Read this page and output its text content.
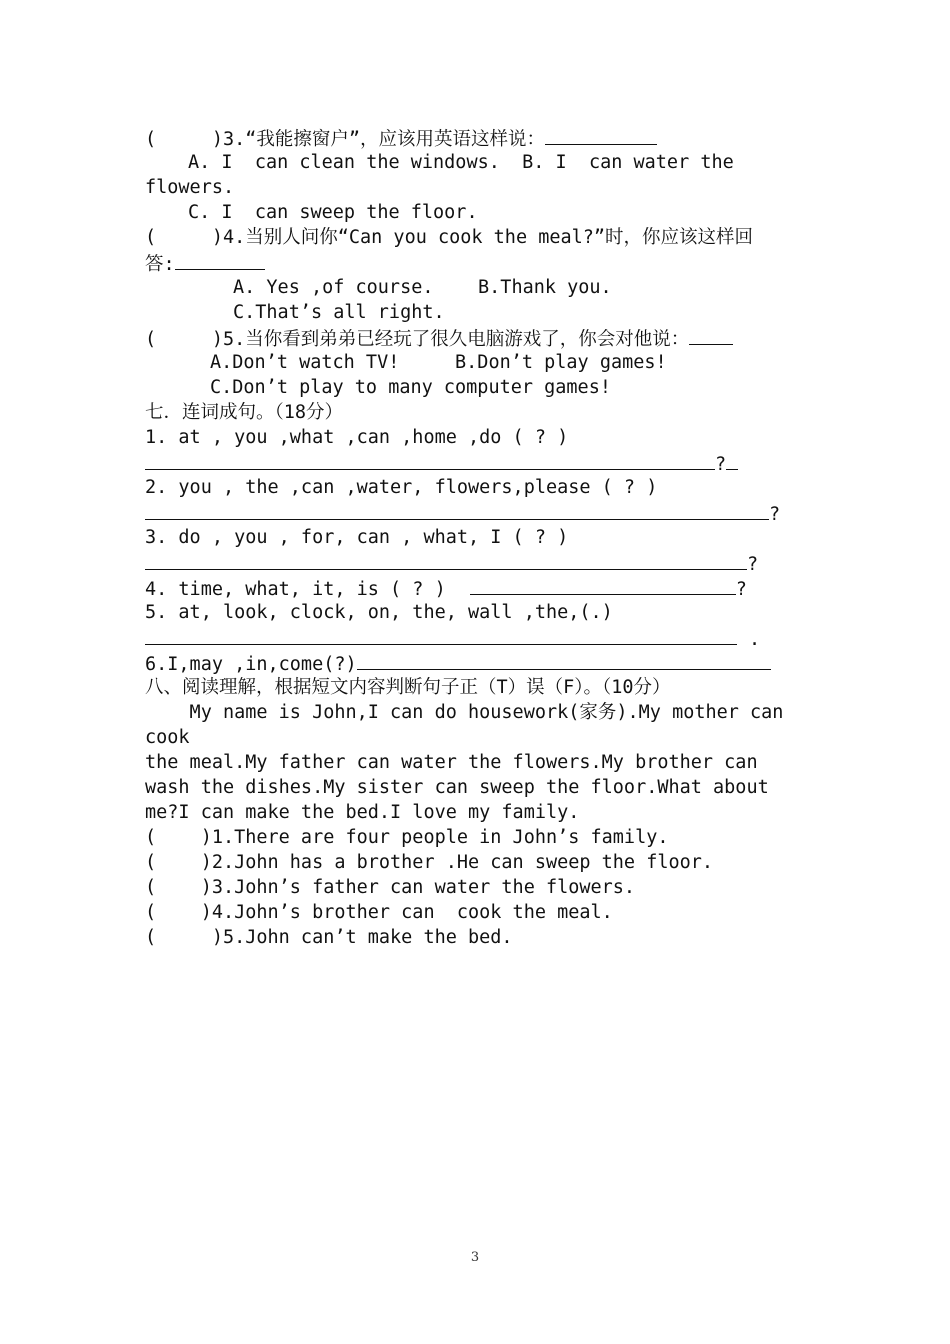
(     )3.“我能擦窗户”，应该用英语这样说：
A. I  can clean the windows.  B. I  can water the
flowers.
C. I  can sweep the floor.
(     )4.当别人问你“Can you cook the meal?”时，你应该这样回
答:
A. Yes ,of course.    B.Thank you.
C.That’s all right.
(     )5.当你看到弟弟已经玩了很久电脑游戏了，你会对他说：
A.Don’t watch TV!     B.Don’t play games!
C.Don’t play to many computer games!
七．连词成句。（18分）
1. at , you ,what ,can ,home ,do ( ? )
?
2. you , the ,can ,water, flowers,please ( ? )
?
3. do , you , for, can , what, I ( ? )
?
4. time, what, it, is ( ? )	?
5. at, look, clock, on, the, wall ,the,(.)
.
6.I,may ,in,come(?)
八、阅读理解，根据短文内容判断句子正（T）误（F）。（10分）
My name is John,I can do housework(家务).My mother can
cook
the meal.My father can water the flowers.My brother can
wash the dishes.My sister can sweep the floor.What about
me?I can make the bed.I love my family.
(    )1.There are four people in John’s family.
(    )2.John has a brother .He can sweep the floor.
(    )3.John’s father can water the flowers.
(    )4.John’s brother can  cook the meal.
(     )5.John can’t make the bed.
3
